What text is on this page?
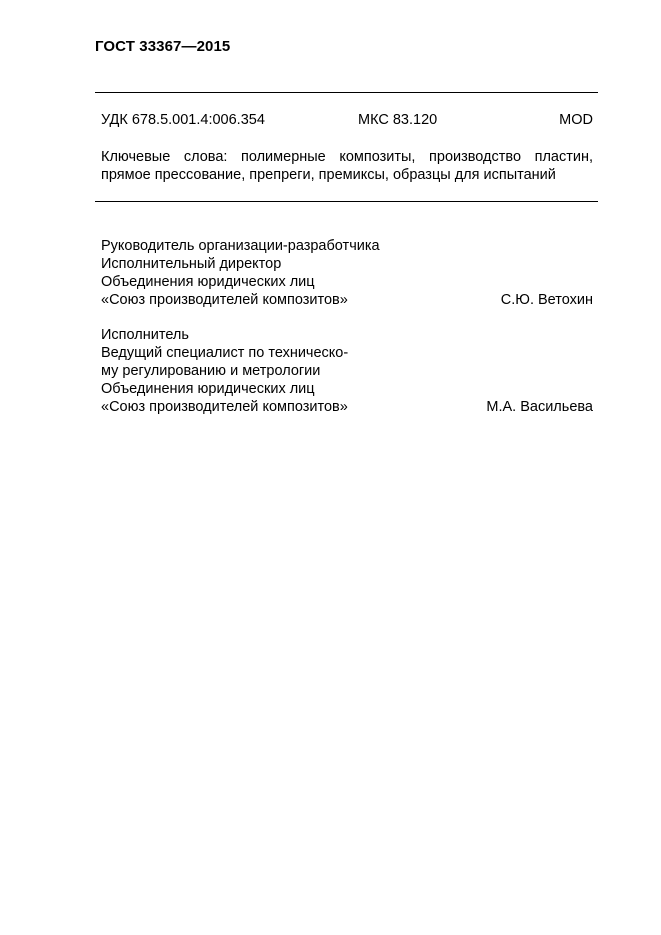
ГОСТ 33367—2015
УДК 678.5.001.4:006.354	МКС 83.120	MOD
Ключевые слова: полимерные композиты, производство пластин,
прямое прессование, препреги, премиксы, образцы для испытаний
Руководитель организации-разработчика
Исполнительный директор
Объединения юридических лиц
«Союз производителей композитов»	С.Ю. Ветохин
Исполнитель
Ведущий специалист по техническо-
му регулированию и метрологии
Объединения юридических лиц
«Союз производителей композитов»	М.А. Васильева
